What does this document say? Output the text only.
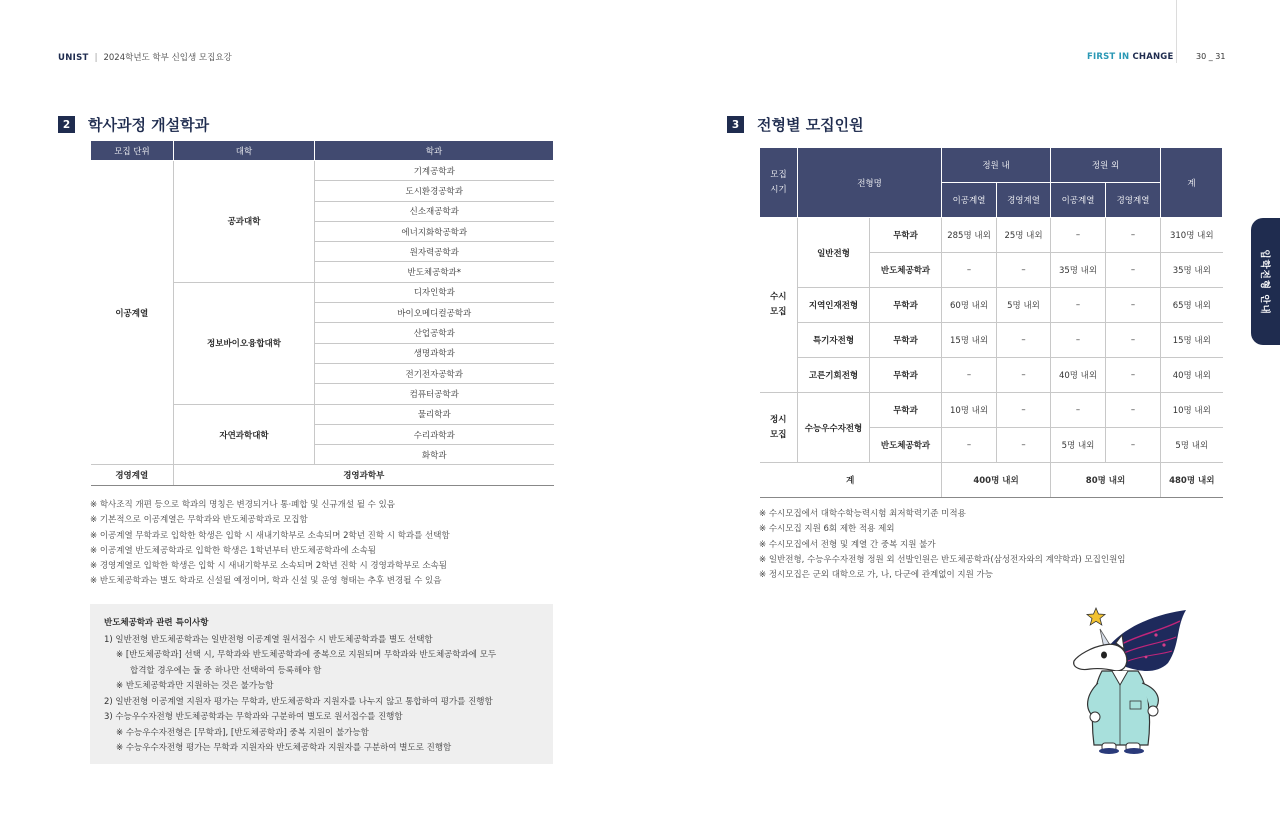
UNIST | 2024학년도 학부 신입생 모집요강	FIRST IN CHANGE	30 _ 31
2	학사과정 개설학과
모집 단위	대학	학과
이공계열	공과대학	기계공학과
		도시환경공학과
		신소재공학과
		에너지화학공학과
		원자력공학과
		반도체공학과*
	정보바이오융합대학	디자인학과
		바이오메디컬공학과
		산업공학과
		생명과학과
		전기전자공학과
		컴퓨터공학과
	자연과학대학	물리학과
		수리과학과
		화학과
경영계열	경영과학부	
※ 학사조직 개편 등으로 학과의 명칭은 변경되거나 통·폐합 및 신규개설 될 수 있음
※ 기본적으로 이공계열은 무학과와 반도체공학과로 모집함
※ 이공계열 무학과로 입학한 학생은 입학 시 새내기학부로 소속되며 2학년 진학 시 학과를 선택함
※ 이공계열 반도체공학과로 입학한 학생은 1학년부터 반도체공학과에 소속됨
※ 경영계열로 입학한 학생은 입학 시 새내기학부로 소속되며 2학년 진학 시 경영과학부로 소속됨
※ 반도체공학과는 별도 학과로 신설될 예정이며, 학과 신설 및 운영 형태는 추후 변경될 수 있음
반도체공학과 관련 특이사항
1) 일반전형 반도체공학과는 일반전형 이공계열 원서접수 시 반도체공학과를 별도 선택함
※ [반도체공학과] 선택 시, 무학과와 반도체공학과에 중복으로 지원되며 무학과와 반도체공학과에 모두
합격할 경우에는 둘 중 하나만 선택하여 등록해야 함
※ 반도체공학과만 지원하는 것은 불가능함
2) 일반전형 이공계열 지원자 평가는 무학과, 반도체공학과 지원자를 나누지 않고 통합하여 평가를 진행함
3) 수능우수자전형 반도체공학과는 무학과와 구분하여 별도로 원서접수를 진행함
※ 수능우수자전형은 [무학과], [반도체공학과] 중복 지원이 불가능함
※ 수능우수자전형 평가는 무학과 지원자와 반도체공학과 지원자를 구분하여 별도로 진행함
3	전형별 모집인원
모집
시기	전형명		정원 내		정원 외		계
			이공계열	경영계열	이공계열	경영계열	
수시
모집	일반전형	무학과	285명 내외	25명 내외	–	–	310명 내외
		반도체공학과	–	–	35명 내외	–	35명 내외
	지역인재전형	무학과	60명 내외	5명 내외	–	–	65명 내외
	특기자전형	무학과	15명 내외	–	–	–	15명 내외
	고른기회전형	무학과	–	–	40명 내외	–	40명 내외
정시
모집	수능우수자전형	무학과	10명 내외	–	–	–	10명 내외
		반도체공학과	–	–	5명 내외	–	5명 내외
계			400명 내외		80명 내외		480명 내외
※ 수시모집에서 대학수학능력시험 최저학력기준 미적용
※ 수시모집 지원 6회 제한 적용 제외
※ 수시모집에서 전형 및 계열 간 중복 지원 불가
※ 일반전형, 수능우수자전형 정원 외 선발인원은 반도체공학과(삼성전자와의 계약학과) 모집인원임
※ 정시모집은 군외 대학으로 가, 나, 다군에 관계없이 지원 가능
입학전형 안내
